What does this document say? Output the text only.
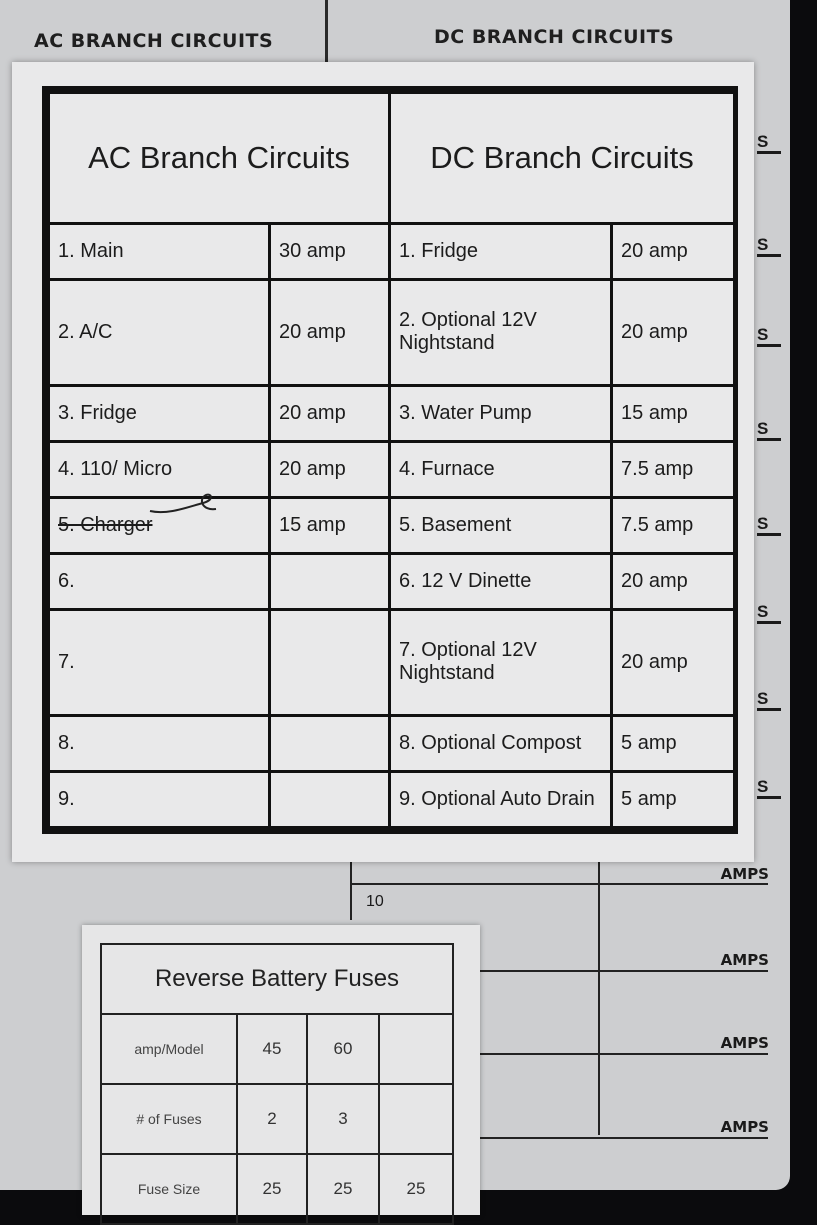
AC BRANCH CIRCUITS	DC BRANCH CIRCUITS
S
S
S
S
S
S
S
S
10
AMPS
AMPS
AMPS
AMPS
AC Branch Circuits		DC Branch Circuits	
1. Main	30 amp	1. Fridge	20 amp
2. A/C	20 amp	2. Optional 12V Nightstand	20 amp
3. Fridge	20 amp	3. Water Pump	15 amp
4. 110/ Micro	20 amp	4. Furnace	7.5 amp
5. Charger	15 amp	5. Basement	7.5 amp
6.		6. 12 V Dinette	20 amp
7.		7. Optional 12V Nightstand	20 amp
8.		8. Optional Compost	5 amp
9.		9. Optional Auto Drain	5 amp
Reverse Battery Fuses			
amp/Model	45	60	
# of Fuses	2	3	
Fuse Size	25	25	25
